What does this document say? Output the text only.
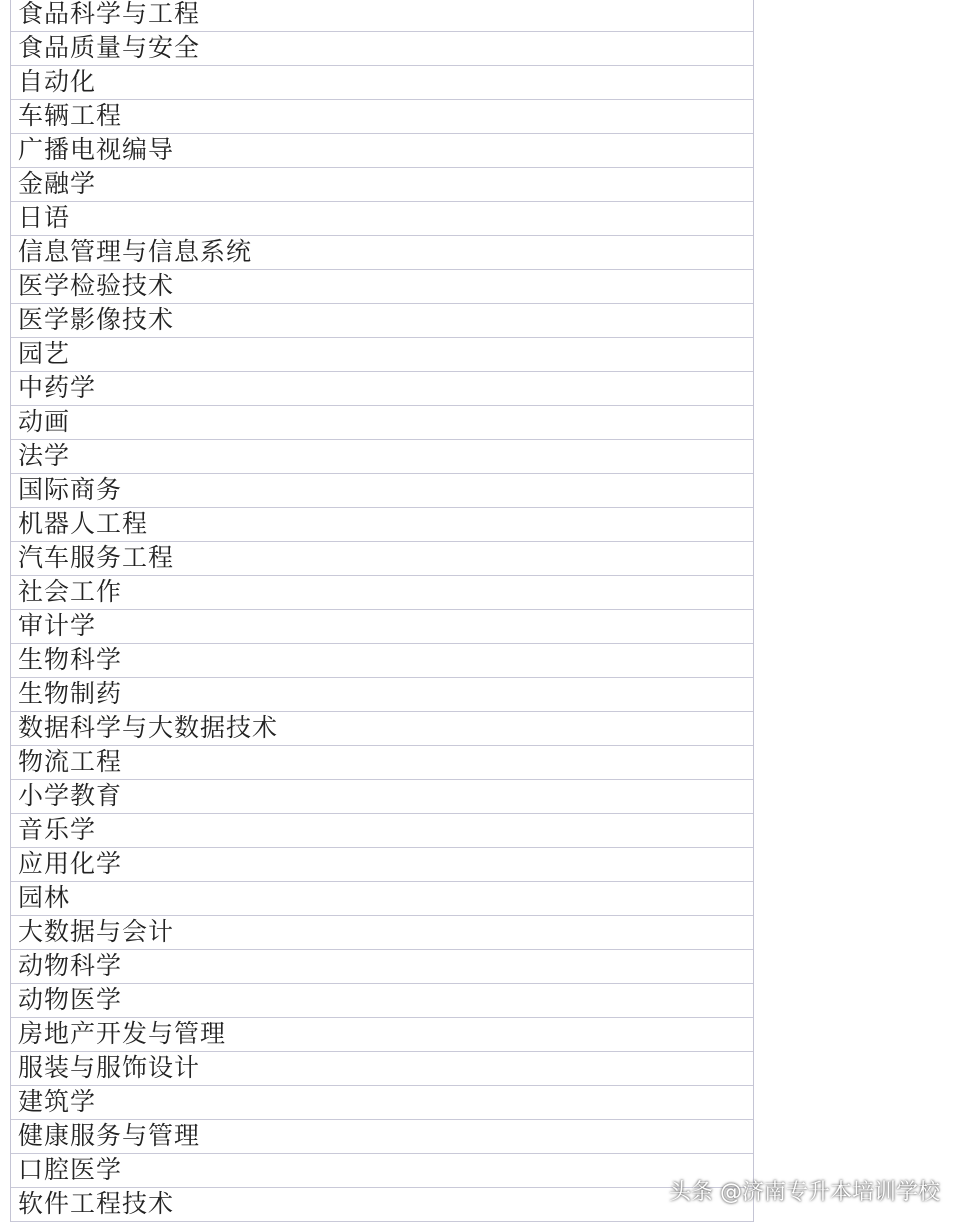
食品科学与工程
食品质量与安全
自动化
车辆工程
广播电视编导
金融学
日语
信息管理与信息系统
医学检验技术
医学影像技术
园艺
中药学
动画
法学
国际商务
机器人工程
汽车服务工程
社会工作
审计学
生物科学
生物制药
数据科学与大数据技术
物流工程
小学教育
音乐学
应用化学
园林
大数据与会计
动物科学
动物医学
房地产开发与管理
服装与服饰设计
建筑学
健康服务与管理
口腔医学
软件工程技术	头条 @济南专升本培训学校
